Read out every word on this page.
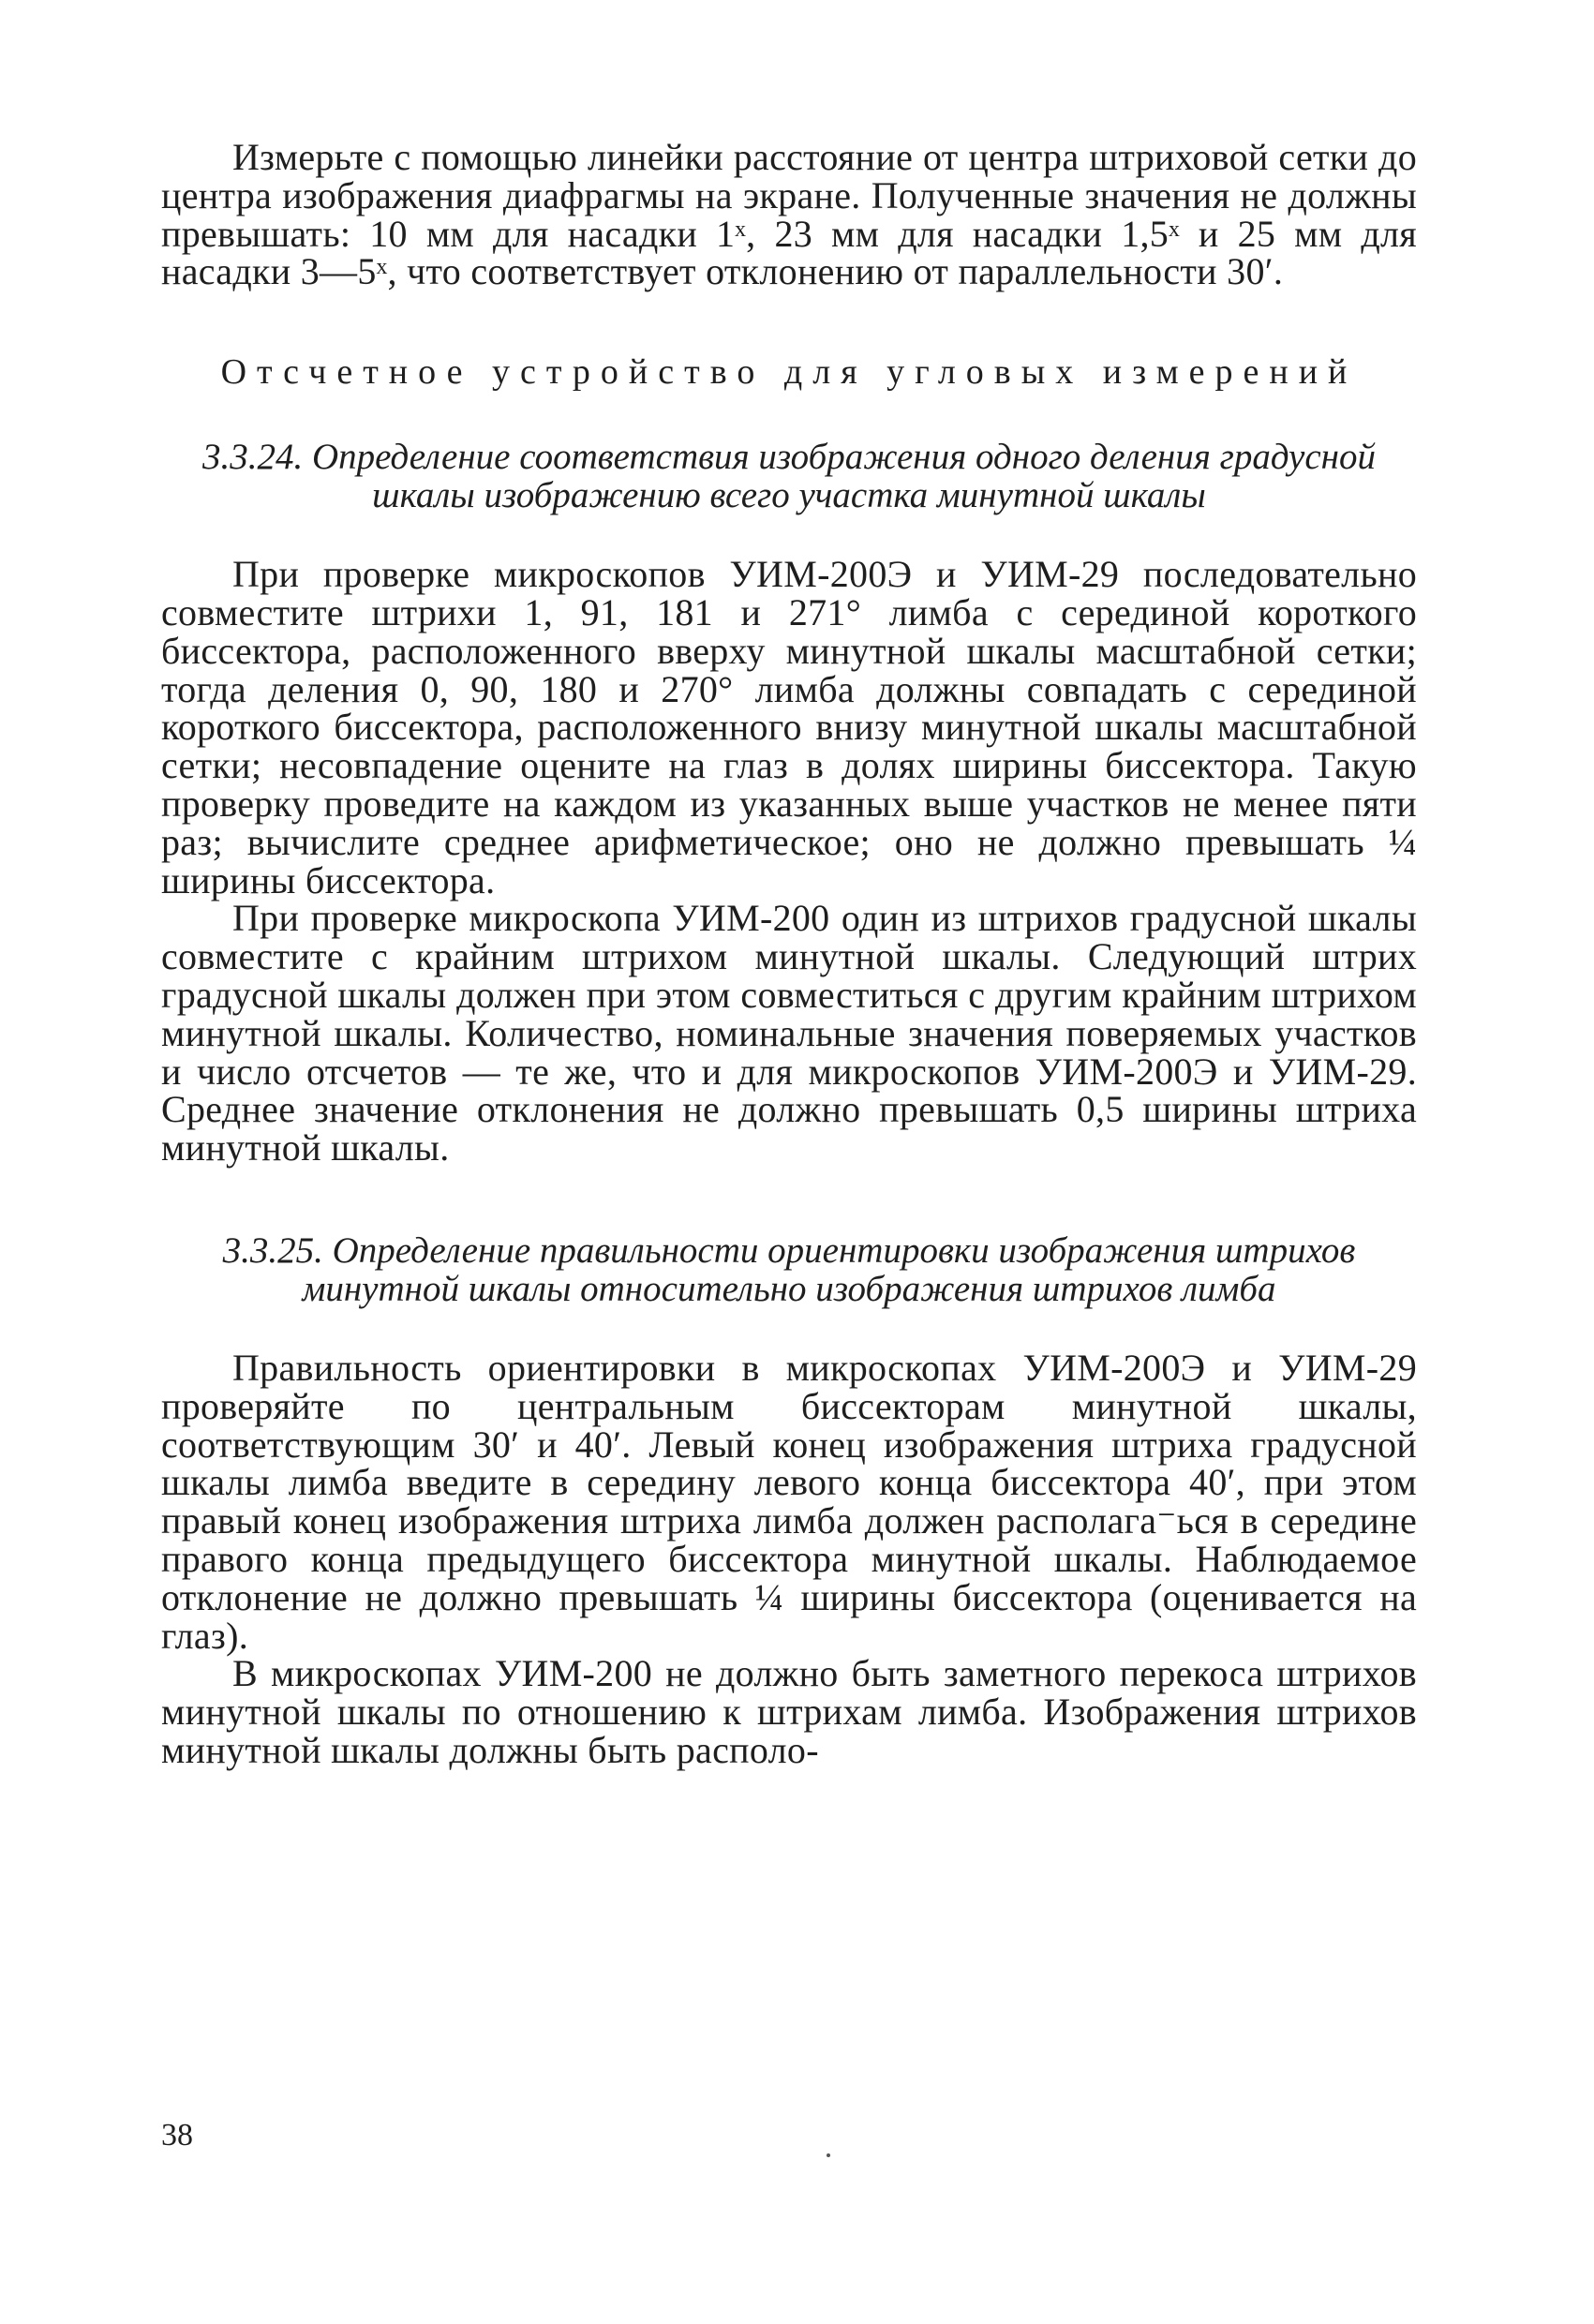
Измерьте с помощью линейки расстояние от центра штриховой сетки до центра изображения диафрагмы на экране. Полученные значения не должны превышать: 10 мм для насадки 1ˣ, 23 мм для насадки 1,5ˣ и 25 мм для насадки 3—5ˣ, что соответствует отклонению от параллельности 30′.

Отсчетное устройство для угловых измерений
3.3.24. Определение соответствия изображения одного деления градусной шкалы изображению всего участка минутной шкалы

При проверке микроскопов УИМ-200Э и УИМ-29 последовательно совместите штрихи 1, 91, 181 и 271° лимба с серединой короткого биссектора, расположенного вверху минутной шкалы масштабной сетки; тогда деления 0, 90, 180 и 270° лимба должны совпадать с серединой короткого биссектора, расположенного внизу минутной шкалы масштабной сетки; несовпадение оцените на глаз в долях ширины биссектора. Такую проверку проведите на каждом из указанных выше участков не менее пяти раз; вычислите среднее арифметическое; оно не должно превышать ¼ ширины биссектора.

При проверке микроскопа УИМ-200 один из штрихов градусной шкалы совместите с крайним штрихом минутной шкалы. Следующий штрих градусной шкалы должен при этом совместиться с другим крайним штрихом минутной шкалы. Количество, номинальные значения поверяемых участков и число отсчетов — те же, что и для микроскопов УИМ-200Э и УИМ-29. Среднее значение отклонения не должно превышать 0,5 ширины штриха минутной шкалы.

3.3.25. Определение правильности ориентировки изображения штрихов минутной шкалы относительно изображения штрихов лимба

Правильность ориентировки в микроскопах УИМ-200Э и УИМ-29 проверяйте по центральным биссекторам минутной шкалы, соответствующим 30′ и 40′. Левый конец изображения штриха градусной шкалы лимба введите в середину левого конца биссектора 40′, при этом правый конец изображения штриха лимба должен располага⁻ься в середине правого конца предыдущего биссектора минутной шкалы. Наблюдаемое отклонение не должно превышать ¼ ширины биссектора (оценивается на глаз).

В микроскопах УИМ-200 не должно быть заметного перекоса штрихов минутной шкалы по отношению к штрихам лимба. Изображения штрихов минутной шкалы должны быть располо-

38
